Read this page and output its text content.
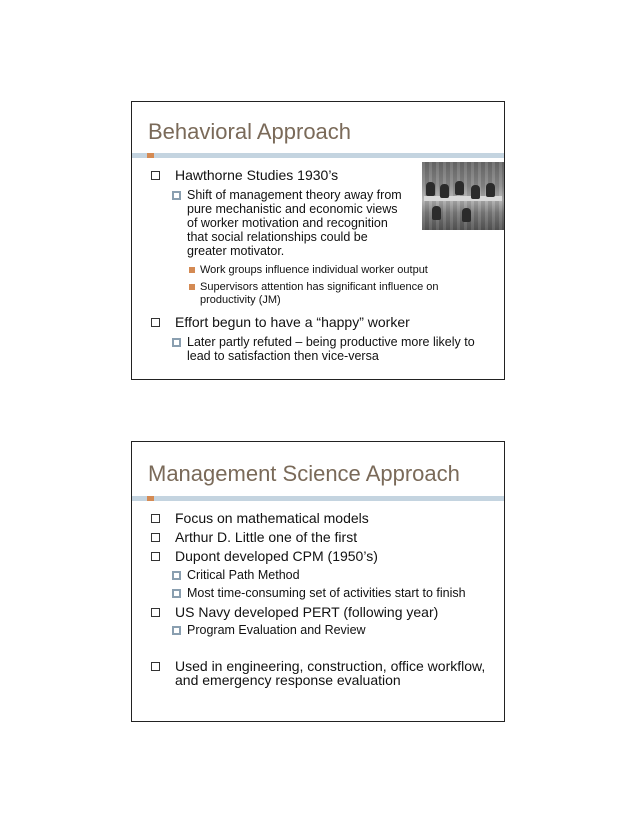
Behavioral Approach
Hawthorne Studies 1930’s
Shift of management theory away from pure mechanistic and economic views of worker motivation and recognition that social relationships could be greater motivator.
Work groups influence individual worker output
Supervisors attention has significant influence on productivity (JM)
Effort begun to have a “happy” worker
Later partly refuted – being productive more likely to lead to satisfaction then vice-versa
Management Science Approach
Focus on mathematical models
Arthur D. Little one of the first
Dupont developed CPM (1950’s)
Critical Path Method
Most time-consuming set of activities start to finish
US Navy developed PERT (following year)
Program Evaluation and Review
Used in engineering, construction, office workflow, and emergency response evaluation
